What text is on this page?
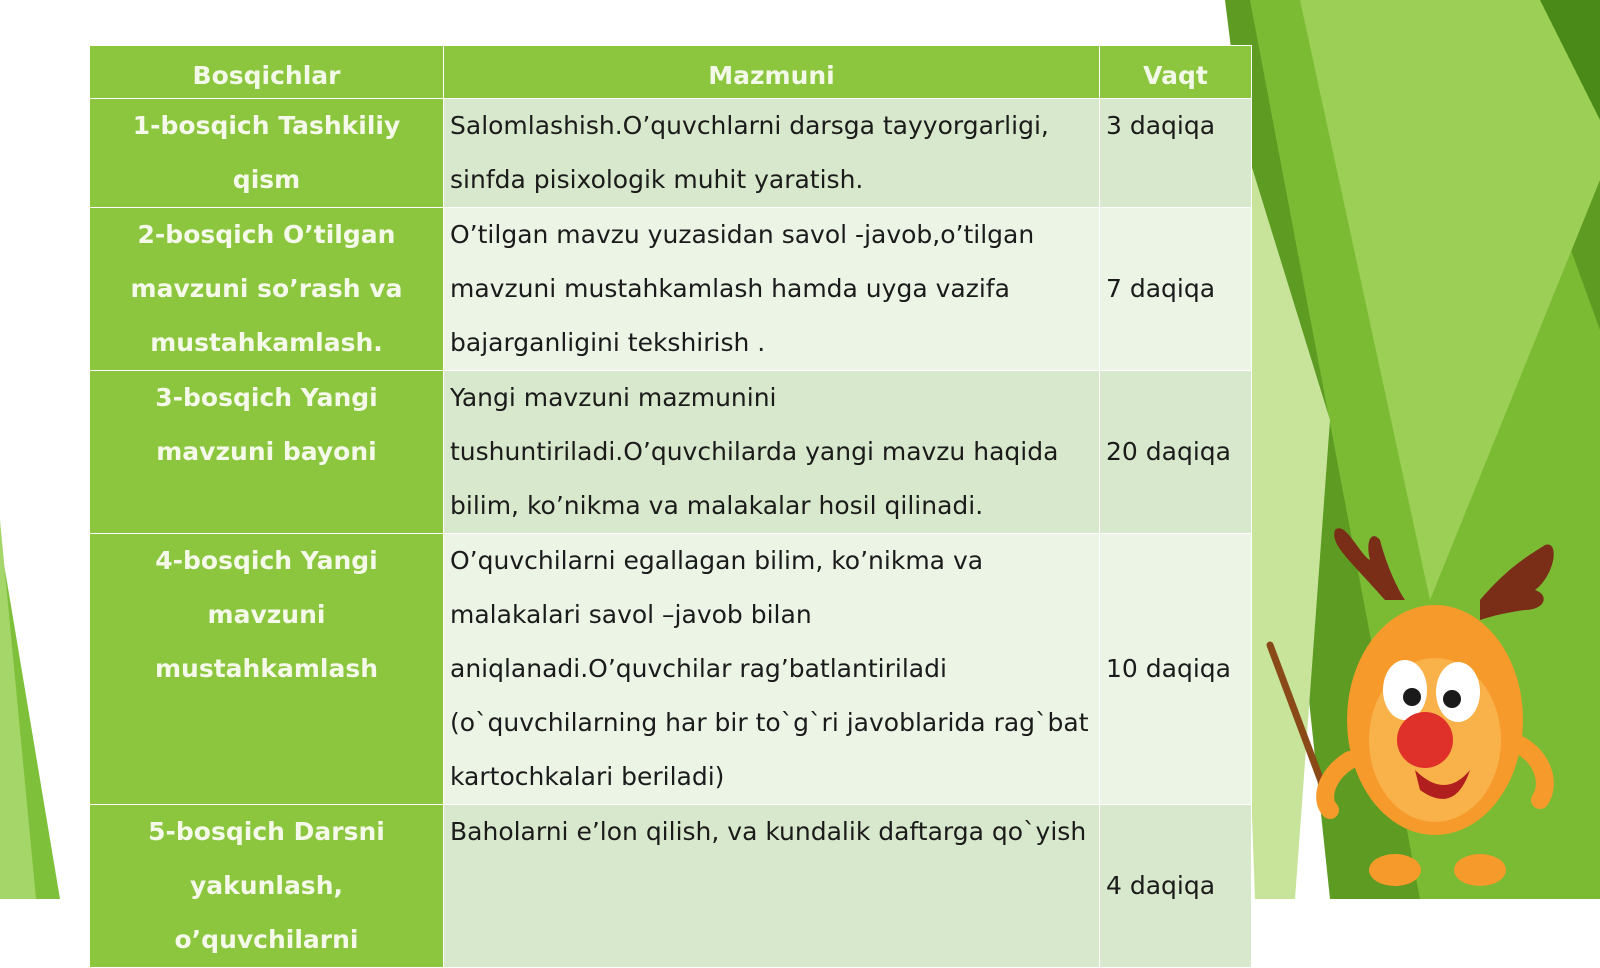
Bosqichlar	Mazmuni	Vaqt
1-bosqich Tashkiliy qism	Salomlashish.O’quvchlarni darsga tayyorgarligi, sinfda pisixologik muhit yaratish.	3 daqiqa
2-bosqich O’tilgan mavzuni so’rash va mustahkamlash.	O’tilgan mavzu yuzasidan savol -javob,o’tilgan mavzuni mustahkamlash hamda uyga vazifa bajarganligini tekshirish .	7 daqiqa
3-bosqich Yangi mavzuni bayoni	Yangi mavzuni mazmunini tushuntiriladi.O’quvchilarda yangi mavzu haqida bilim, ko’nikma va malakalar hosil qilinadi.	20 daqiqa
4-bosqich Yangi mavzuni mustahkamlash	O’quvchilarni egallagan bilim, ko’nikma va malakalari savol –javob bilan aniqlanadi.O’quvchilar rag’batlantiriladi (o`quvchilarning har bir to`g`ri javoblarida rag`bat kartochkalari beriladi)	10 daqiqa
5-bosqich Darsni yakunlash, o’quvchilarni	Baholarni e’lon qilish, va kundalik daftarga qo`yish	4 daqiqa
